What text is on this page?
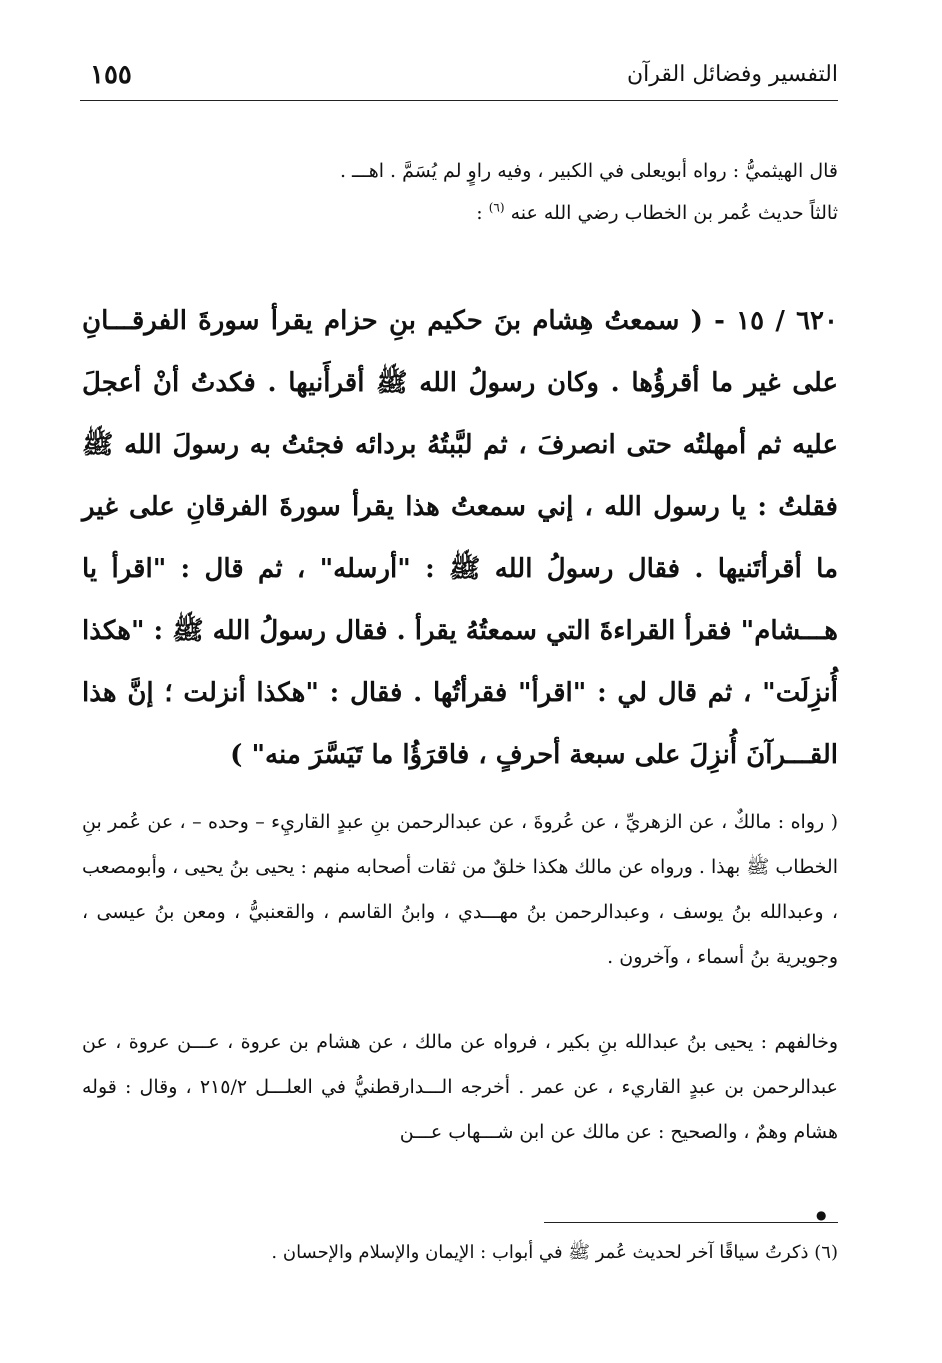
التفسير وفضائل القرآن
١٥٥

قال الهيثميُّ : رواه أبويعلى في الكبير ، وفيه راوٍ لم يُسَمَّ . اهـــ .

ثالثاً حديث عُمر بن الخطاب رضي الله عنه $^{(٦)}$ :

٦٢٠ / ١٥ - ( سمعتُ هِشام بنَ حكيم بنِ حزام يقرأ سورةَ الفرقـــانِ على غير ما أقرؤُها . وكان رسولُ الله ﷺ أقرأَنيها . فكدتُ أنْ أعجلَ عليه ثم أمهلتُه حتى انصرفَ ، ثم لبَّبتُهُ بردائه فجئتُ به رسولَ الله ﷺ فقلتُ : يا رسول الله ، إني سمعتُ هذا يقرأ سورةَ الفرقانِ على غير ما أقرأتَنيها . فقال رسولُ الله ﷺ : "أرسله" ، ثم قال : "اقرأ يا هـــشام" فقرأ القراءةَ التي سمعتُهُ يقرأ . فقال رسولُ الله ﷺ : "هكذا أُنزِلَت" ، ثم قال لي : "اقرأ" فقرأتُها . فقال : "هكذا أنزلت ؛ إنَّ هذا القـــرآنَ أُنزِلَ على سبعة أحرفٍ ، فاقرَؤُا ما تَيَسَّرَ منه" )

( رواه : مالكٌ ، عن الزهريِّ ، عن عُروةَ ، عن عبدالرحمن بنِ عبدٍ القاريِء – وحده – ، عن عُمر بنِ الخطاب ﷺ بهذا . ورواه عن مالك هكذا خلقٌ من ثقات أصحابه منهم : يحيى بنُ يحيى ، وأبومصعب ، وعبدالله بنُ يوسف ، وعبدالرحمن بنُ مهـــدي ، وابنُ القاسم ، والقعنبيُّ ، ومعن بنُ عيسى ، وجويرية بنُ أسماء ، وآخرون .

وخالفهم : يحيى بنُ عبدالله بنِ بكير ، فرواه عن مالك ، عن هشام بن عروة ، عـــن عروة ، عن عبدالرحمن بن عبدٍ القاريء ، عن عمر . أخرجه الـــدارقطنيُّ في العلـــل ٢١٥/٢ ، وقال : قوله هشام وهمٌ ، والصحيح : عن مالك عن ابن شـــهاب عـــن

●

(٦) ذكرتُ سياقًا آخر لحديث عُمر ﷺ في أبواب : الإيمان والإسلام والإحسان .
